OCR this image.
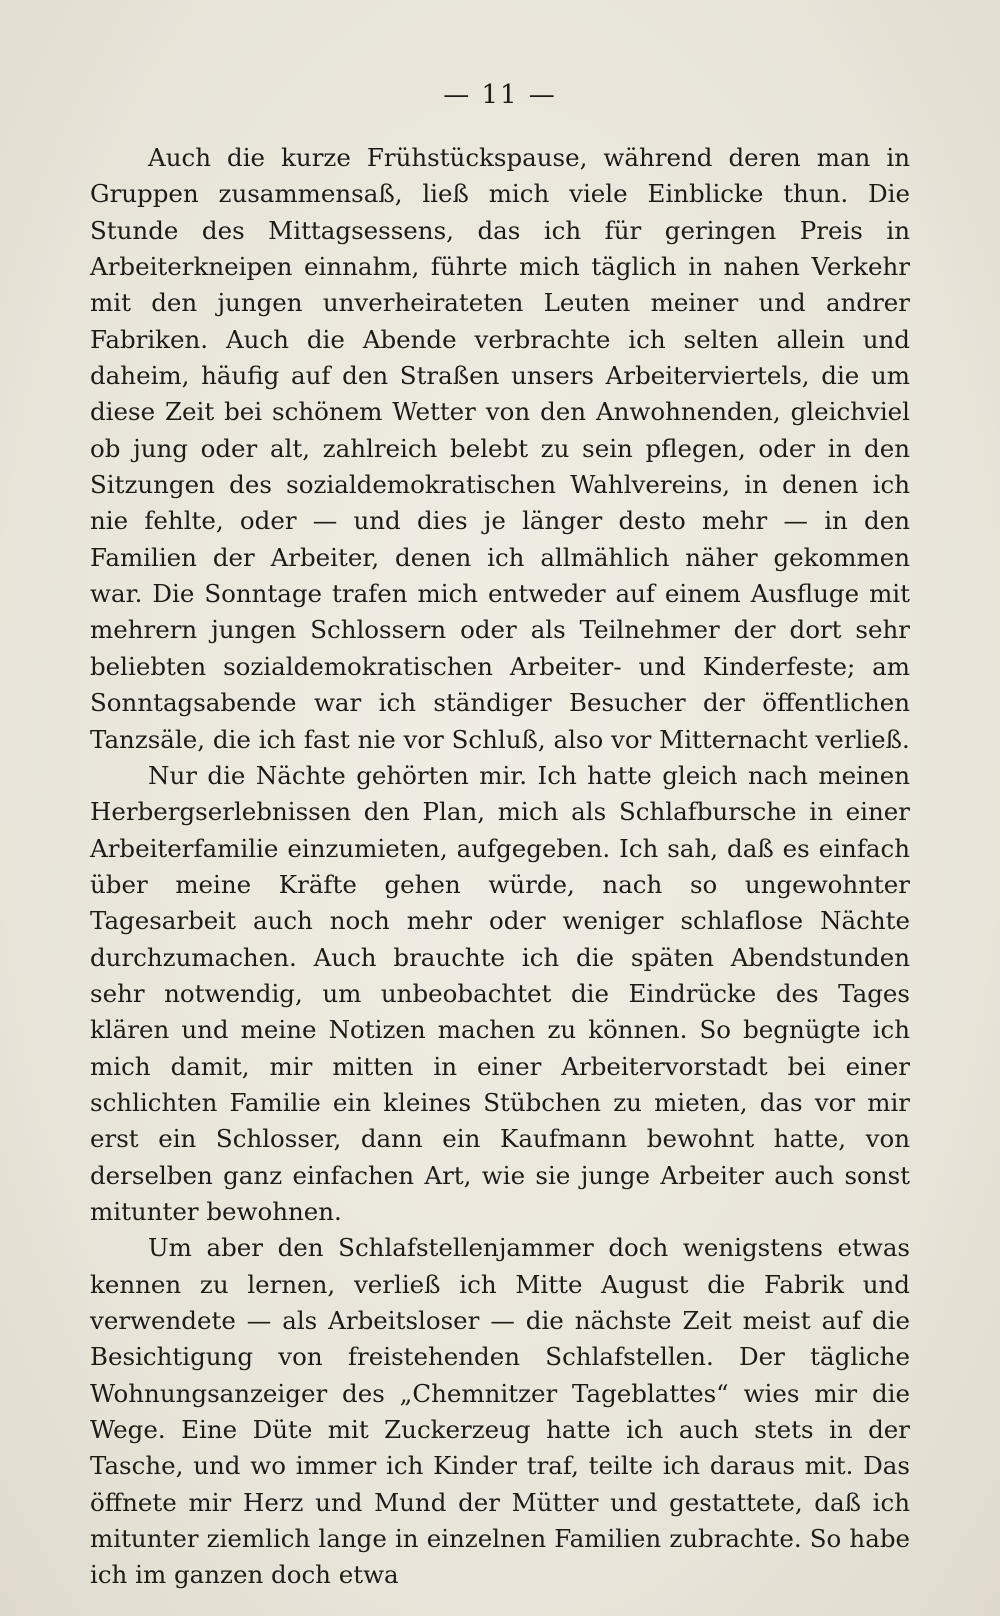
— 11 —

Auch die kurze Frühstückspause, während deren man in Gruppen zusammensaß, ließ mich viele Einblicke thun. Die Stunde des Mittagsessens, das ich für geringen Preis in Arbeiterkneipen einnahm, führte mich täglich in nahen Verkehr mit den jungen unverheirateten Leuten meiner und andrer Fabriken. Auch die Abende verbrachte ich selten allein und daheim, häufig auf den Straßen unsers Arbeiterviertels, die um diese Zeit bei schönem Wetter von den Anwohnenden, gleichviel ob jung oder alt, zahlreich belebt zu sein pflegen, oder in den Sitzungen des sozialdemokratischen Wahlvereins, in denen ich nie fehlte, oder — und dies je länger desto mehr — in den Familien der Arbeiter, denen ich allmählich näher gekommen war. Die Sonntage trafen mich entweder auf einem Ausfluge mit mehrern jungen Schlossern oder als Teilnehmer der dort sehr beliebten sozialdemokratischen Arbeiter- und Kinderfeste; am Sonntagsabende war ich ständiger Besucher der öffentlichen Tanzsäle, die ich fast nie vor Schluß, also vor Mitternacht verließ.

Nur die Nächte gehörten mir. Ich hatte gleich nach meinen Herbergserlebnissen den Plan, mich als Schlafbursche in einer Arbeiterfamilie einzumieten, aufgegeben. Ich sah, daß es einfach über meine Kräfte gehen würde, nach so ungewohnter Tagesarbeit auch noch mehr oder weniger schlaflose Nächte durchzumachen. Auch brauchte ich die späten Abendstunden sehr notwendig, um unbeobachtet die Eindrücke des Tages klären und meine Notizen machen zu können. So begnügte ich mich damit, mir mitten in einer Arbeitervorstadt bei einer schlichten Familie ein kleines Stübchen zu mieten, das vor mir erst ein Schlosser, dann ein Kaufmann bewohnt hatte, von derselben ganz einfachen Art, wie sie junge Arbeiter auch sonst mitunter bewohnen.

Um aber den Schlafstellenjammer doch wenigstens etwas kennen zu lernen, verließ ich Mitte August die Fabrik und verwendete — als Arbeitsloser — die nächste Zeit meist auf die Besichtigung von freistehenden Schlafstellen. Der tägliche Wohnungsanzeiger des „Chemnitzer Tageblattes“ wies mir die Wege. Eine Düte mit Zuckerzeug hatte ich auch stets in der Tasche, und wo immer ich Kinder traf, teilte ich daraus mit. Das öffnete mir Herz und Mund der Mütter und gestattete, daß ich mitunter ziemlich lange in einzelnen Familien zubrachte. So habe ich im ganzen doch etwa
